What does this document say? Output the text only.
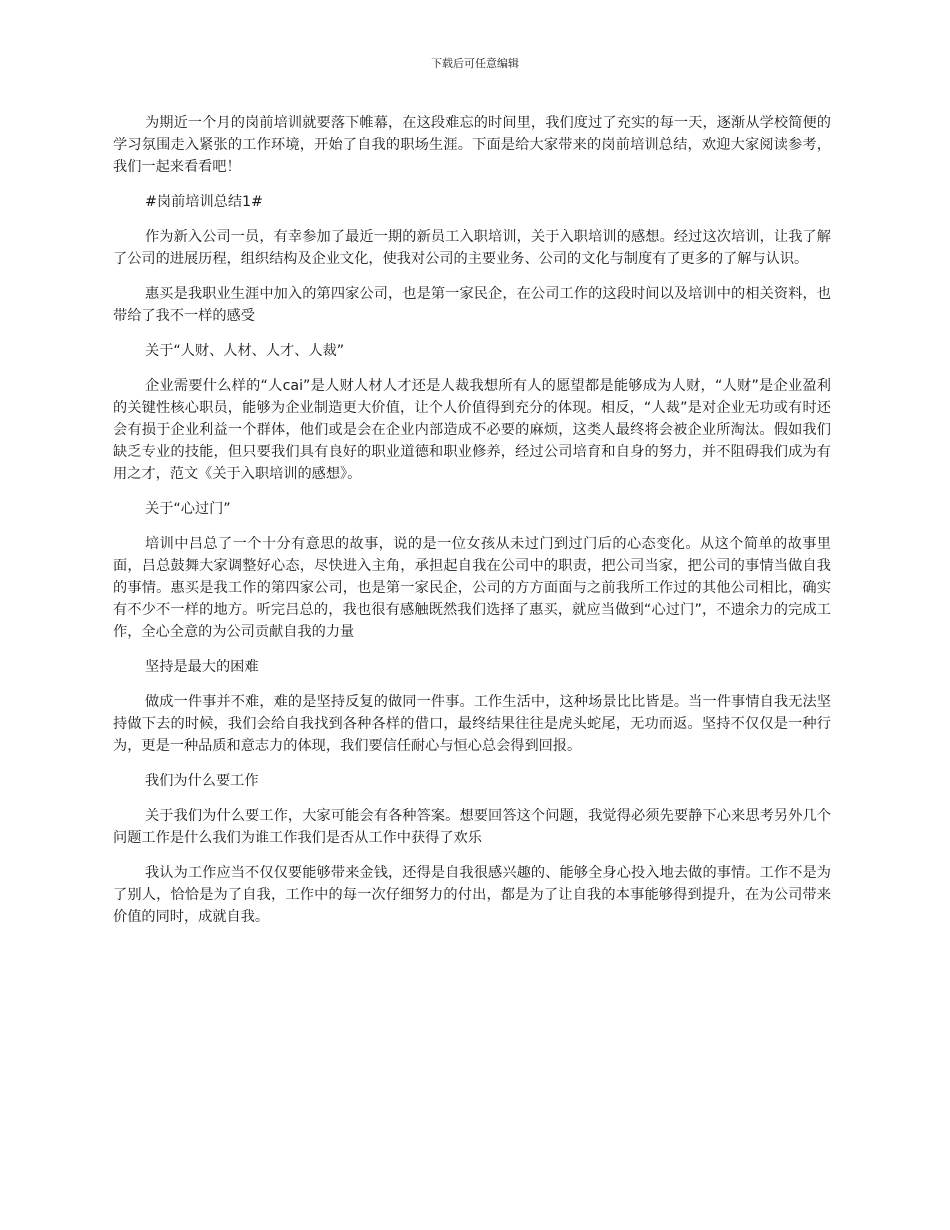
下载后可任意编辑

为期近一个月的岗前培训就要落下帷幕，在这段难忘的时间里，我们度过了充实的每一天，逐渐从学校简便的学习氛围走入紧张的工作环境，开始了自我的职场生涯。下面是给大家带来的岗前培训总结，欢迎大家阅读参考，我们一起来看看吧！

#岗前培训总结1#

作为新入公司一员，有幸参加了最近一期的新员工入职培训，关于入职培训的感想。经过这次培训，让我了解了公司的进展历程，组织结构及企业文化，使我对公司的主要业务、公司的文化与制度有了更多的了解与认识。

惠买是我职业生涯中加入的第四家公司，也是第一家民企，在公司工作的这段时间以及培训中的相关资料，也带给了我不一样的感受

关于“人财、人材、人才、人裁”

企业需要什么样的“人cai”是人财人材人才还是人裁我想所有人的愿望都是能够成为人财，“人财”是企业盈利的关键性核心职员，能够为企业制造更大价值，让个人价值得到充分的体现。相反，“人裁”是对企业无功或有时还会有损于企业利益一个群体，他们或是会在企业内部造成不必要的麻烦，这类人最终将会被企业所淘汰。假如我们缺乏专业的技能，但只要我们具有良好的职业道德和职业修养，经过公司培育和自身的努力，并不阻碍我们成为有用之才，范文《关于入职培训的感想》。

关于“心过门”

培训中吕总了一个十分有意思的故事，说的是一位女孩从未过门到过门后的心态变化。从这个简单的故事里面，吕总鼓舞大家调整好心态，尽快进入主角，承担起自我在公司中的职责，把公司当家，把公司的事情当做自我的事情。惠买是我工作的第四家公司，也是第一家民企，公司的方方面面与之前我所工作过的其他公司相比，确实有不少不一样的地方。听完吕总的，我也很有感触既然我们选择了惠买，就应当做到“心过门”，不遗余力的完成工作，全心全意的为公司贡献自我的力量

坚持是最大的困难

做成一件事并不难，难的是坚持反复的做同一件事。工作生活中，这种场景比比皆是。当一件事情自我无法坚持做下去的时候，我们会给自我找到各种各样的借口，最终结果往往是虎头蛇尾，无功而返。坚持不仅仅是一种行为，更是一种品质和意志力的体现，我们要信任耐心与恒心总会得到回报。

我们为什么要工作

关于我们为什么要工作，大家可能会有各种答案。想要回答这个问题，我觉得必须先要静下心来思考另外几个问题工作是什么我们为谁工作我们是否从工作中获得了欢乐

我认为工作应当不仅仅要能够带来金钱，还得是自我很感兴趣的、能够全身心投入地去做的事情。工作不是为了别人，恰恰是为了自我，工作中的每一次仔细努力的付出，都是为了让自我的本事能够得到提升，在为公司带来价值的同时，成就自我。
